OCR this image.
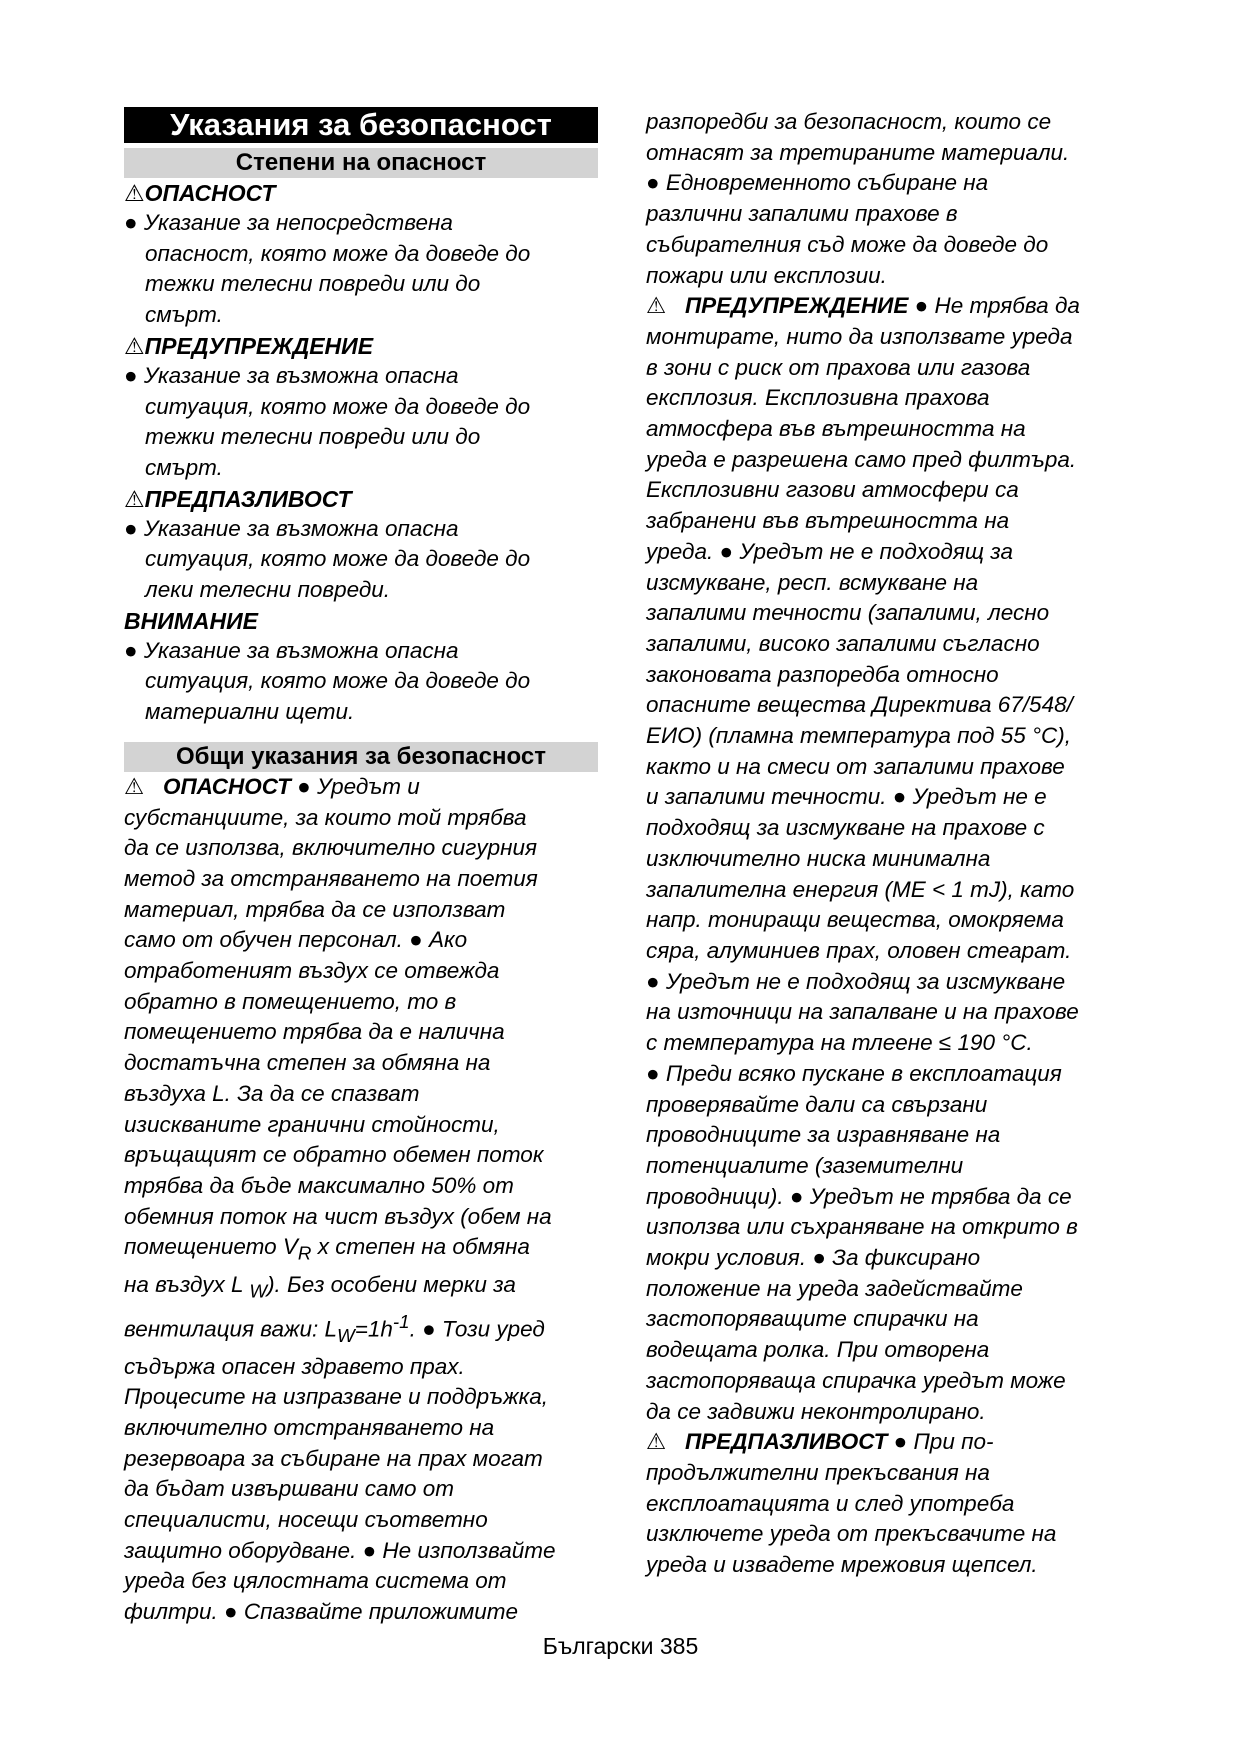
Указания за безопасност
Степени на опасност
⚠ОПАСНОСТ
● Указание за непосредствена
опасност, която може да доведе до
тежки телесни повреди или до
смърт.
⚠ПРЕДУПРЕЖДЕНИЕ
● Указание за възможна опасна
ситуация, която може да доведе до
тежки телесни повреди или до
смърт.
⚠ПРЕДПАЗЛИВОСТ
● Указание за възможна опасна
ситуация, която може да доведе до
леки телесни повреди.
ВНИМАНИЕ
● Указание за възможна опасна
ситуация, която може да доведе до
материални щети.
Общи указания за безопасност

⚠ ОПАСНОСТ ● Уредът и

субстанциите, за които той трябва

да се използва, включително сигурния

метод за отстраняването на поетия

материал, трябва да се използват

само от обучен персонал. ● Ако

отработеният въздух се отвежда

обратно в помещението, то в

помещението трябва да е налична

достатъчна степен за обмяна на

въздуха L. За да се спазват

изискваните гранични стойности,

връщащият се обратно обемен поток

трябва да бъде максимално 50% от

обемния поток на чист въздух (обем на

помещението $V_R$ x степен на обмяна

на въздух L $_W$). Без особени мерки за

вентилация важи: $L_W=1h^{-1}$. ● Този уред

съдържа опасен здравето прах.

Процесите на изпразване и поддръжка,

включително отстраняването на

резервоара за събиране на прах могат

да бъдат извършвани само от

специалисти, носещи съответно

защитно оборудване. ● Не използвайте

уреда без цялостната система от

филтри. ● Спазвайте приложимите

разпоредби за безопасност, които се

отнасят за третираните материали.

● Едновременното събиране на

различни запалими прахове в

събирателния съд може да доведе до

пожари или експлозии.

⚠ ПРЕДУПРЕЖДЕНИЕ ● Не трябва да

монтирате, нито да използвате уреда

в зони с риск от прахова или газова

експлозия. Експлозивна прахова

атмосфера във вътрешността на

уреда е разрешена само пред филтъра.

Експлозивни газови атмосфери са

забранени във вътрешността на

уреда. ● Уредът не е подходящ за

изсмукване, респ. всмукване на

запалими течности (запалими, лесно

запалими, високо запалими съгласно

законовата разпоредба относно

опасните вещества Директива 67/548/

ЕИО) (пламна температура под 55 °C),

както и на смеси от запалими прахове

и запалими течности. ● Уредът не е

подходящ за изсмукване на прахове с

изключително ниска минимална

запалителна енергия (МЕ < 1 mJ), като

напр. тониращи вещества, омокряема

сяра, алуминиев прах, оловен стеарат.

● Уредът не е подходящ за изсмукване

на източници на запалване и на прахове

с температура на тлеене ≤ 190 °C.

● Преди всяко пускане в експлоатация

проверявайте дали са свързани

проводниците за изравняване на

потенциалите (заземителни

проводници). ● Уредът не трябва да се

използва или съхраняване на открито в

мокри условия. ● За фиксирано

положение на уреда задействайте

застопоряващите спирачки на

водещата ролка. При отворена

застопоряваща спирачка уредът може

да се задвижи неконтролирано.

⚠ ПРЕДПАЗЛИВОСТ ● При по-

продължителни прекъсвания на

експлоатацията и след употреба

изключете уреда от прекъсвачите на

уреда и извадете мрежовия щепсел.

Български 385
